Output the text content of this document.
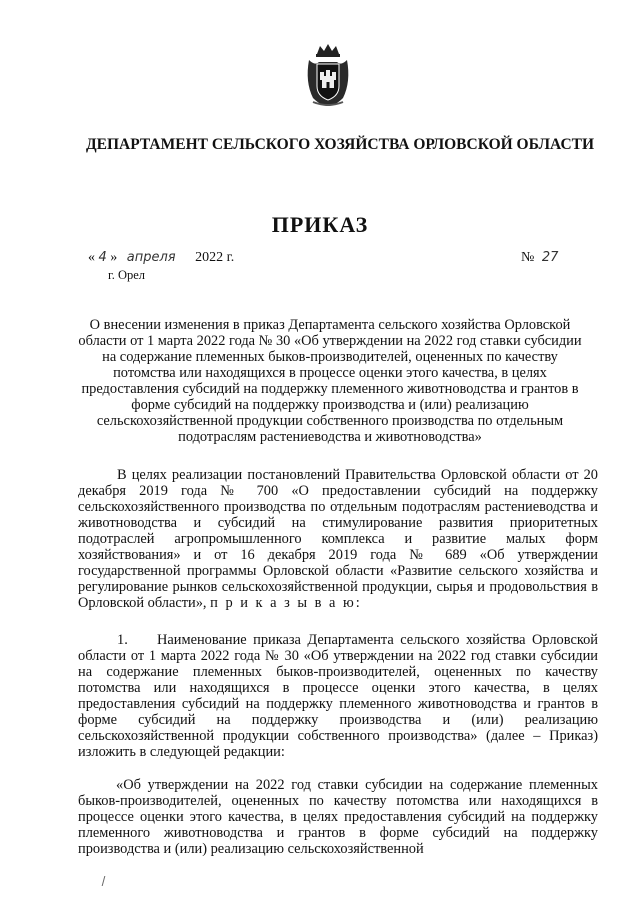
ДЕПАРТАМЕНТ СЕЛЬСКОГО ХОЗЯЙСТВА ОРЛОВСКОЙ ОБЛАСТИ
ПРИКАЗ
« 4 » апреля 2022 г.
г. Орел
№ 27
О внесении изменения в приказ Департамента сельского хозяйства Орловской области от 1 марта 2022 года № 30 «Об утверждении на 2022 год ставки субсидии на содержание племенных быков-производителей, оцененных по качеству потомства или находящихся в процессе оценки этого качества, в целях предоставления субсидий на поддержку племенного животноводства и грантов в форме субсидий на поддержку производства и (или) реализацию сельскохозяйственной продукции собственного производства по отдельным подотраслям растениеводства и животноводства»
В целях реализации постановлений Правительства Орловской области от 20 декабря 2019 года № 700 «О предоставлении субсидий на поддержку сельскохозяйственного производства по отдельным подотраслям растениеводства и животноводства и субсидий на стимулирование развития приоритетных подотраслей агропромышленного комплекса и развитие малых форм хозяйствования» и от 16 декабря 2019 года № 689 «Об утверждении государственной программы Орловской области «Развитие сельского хозяйства и регулирование рынков сельскохозяйственной продукции, сырья и продовольствия в Орловской области», п р и к а з ы в а ю:
1. Наименование приказа Департамента сельского хозяйства Орловской области от 1 марта 2022 года № 30 «Об утверждении на 2022 год ставки субсидии на содержание племенных быков-производителей, оцененных по качеству потомства или находящихся в процессе оценки этого качества, в целях предоставления субсидий на поддержку племенного животноводства и грантов в форме субсидий на поддержку производства и (или) реализацию сельскохозяйственной продукции собственного производства» (далее – Приказ) изложить в следующей редакции:
«Об утверждении на 2022 год ставки субсидии на содержание племенных быков-производителей, оцененных по качеству потомства или находящихся в процессе оценки этого качества, в целях предоставления субсидий на поддержку племенного животноводства и грантов в форме субсидий на поддержку производства и (или) реализацию сельскохозяйственной
